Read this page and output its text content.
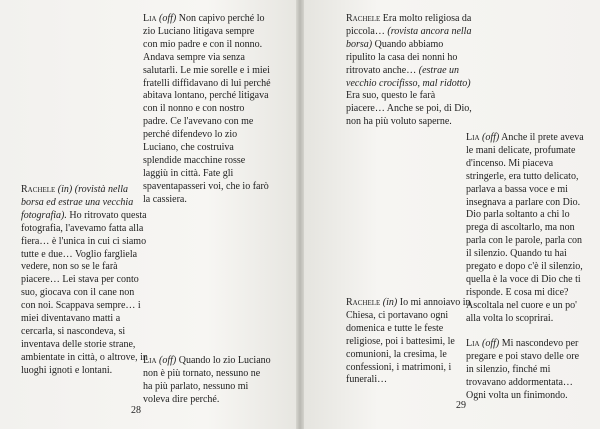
Lia (off) Non capivo perché lo zio Luciano litigava sempre con mio padre e con il nonno. Andava sempre via senza salutarli. Le mie sorelle e i miei fratelli diffidavano di lui perché abitava lontano, perché litigava con il nonno e con nostro padre. Ce l'avevano con me perché difendevo lo zio Luciano, che costruiva splendide macchine rosse laggiù in città. Fate gli spaventapasseri voi, che io farò la cassiera.

Rachele (in) (rovistà nella borsa ed estrae una vecchia fotografia). Ho ritrovato questa fotografia, l'avevamo fatta alla fiera… è l'unica in cui ci siamo tutte e due… Voglio fargliela vedere, non so se le farà piacere… Lei stava per conto suo, giocava con il cane non con noi. Scappava sempre… i miei diventavano matti a cercarla, si nascondeva, si inventava delle storie strane, ambientate in città, o altrove, in luoghi ignoti e lontani.

Lia (off) Quando lo zio Luciano non è più tornato, nessuno ne ha più parlato, nessuno mi voleva dire perché.

28

Rachele Era molto religiosa da piccola… (rovista ancora nella borsa) Quando abbiamo ripulito la casa dei nonni ho ritrovato anche… (estrae un vecchio crocifisso, mal ridotto) Era suo, questo le farà piacere… Anche se poi, di Dio, non ha più voluto saperne.

Lia (off) Anche il prete aveva le mani delicate, profumate d'incenso. Mi piaceva stringerle, era tutto delicato, parlava a bassa voce e mi insegnava a parlare con Dio. Dio parla soltanto a chi lo prega di ascoltarlo, ma non parla con le parole, parla con il silenzio. Quando tu hai pregato e dopo c'è il silenzio, quella è la voce di Dio che ti risponde. E cosa mi dice? Ascoltala nel cuore e un po' alla volta lo scoprirai.

Rachele (in) Io mi annoiavo in Chiesa, ci portavano ogni domenica e tutte le feste religiose, poi i battesimi, le comunioni, la cresima, le confessioni, i matrimoni, i funerali…

Lia (off) Mi nascondevo per pregare e poi stavo delle ore in silenzio, finché mi trovavano addormentata… Ogni volta un finimondo.

29
